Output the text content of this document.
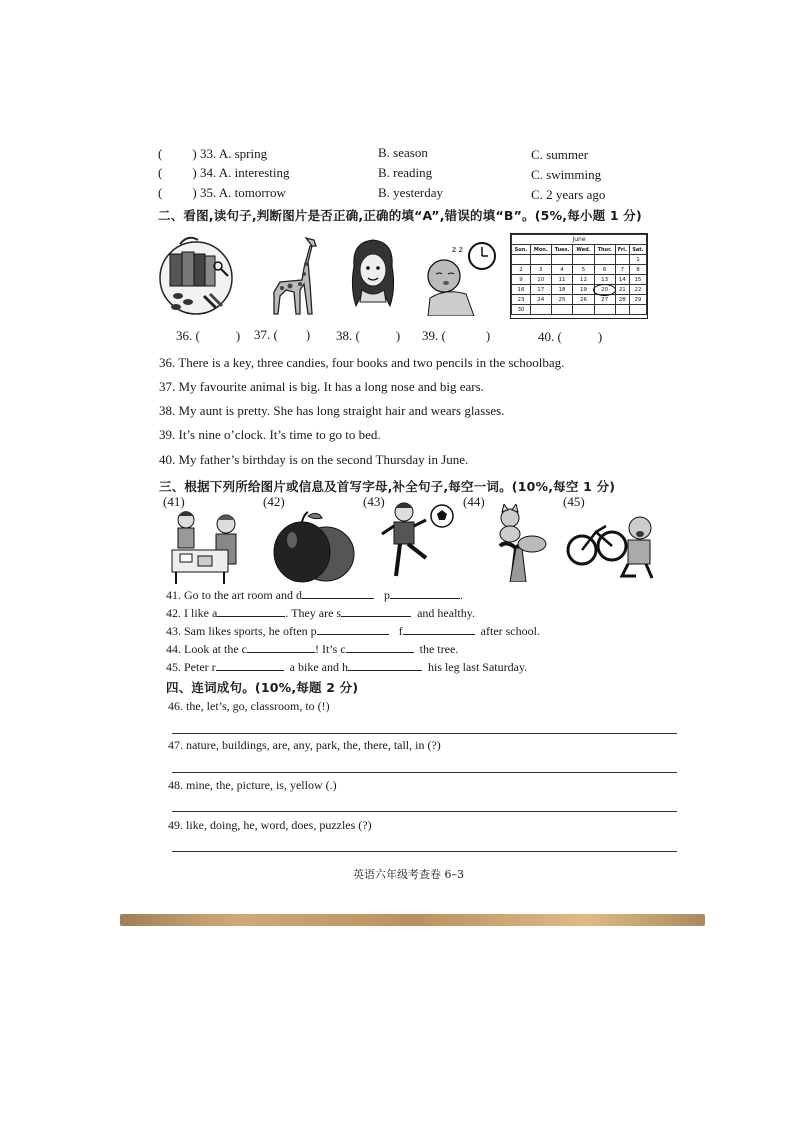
( ) 33. A. spring	B. season	C. summer
( ) 34. A. interesting	B. reading	C. swimming
( ) 35. A. tomorrow	B. yesterday	C. 2 years ago
二、看图,读句子,判断图片是否正确,正确的填“A”,错误的填“B”。(5%,每小题 1 分)
z z
June						
Sun.	Mon.	Tues.	Wed.	Thur.	Fri.	Sat.
						1
2	3	4	5	6	7	8
9	10	11	12	13	14	15
16	17	18	19	20	21	22
23	24	25	26	27	28	29
30						
36. (	) 37. ( ) 38. (	) 39. (	)	40. (	)
36. There is a key, three candies, four books and two pencils in the schoolbag.
37. My favourite animal is big. It has a long nose and big ears.
38. My aunt is pretty. She has long straight hair and wears glasses.
39. It’s nine o’clock. It’s time to go to bed.
40. My father’s birthday is on the second Thursday in June.
三、根据下列所给图片或信息及首写字母,补全句子,每空一词。(10%,每空 1 分)
(41)	(42)	(43)	(44)	(45)
41. Go to the art room and d	p	.
42. I like a	. They are s	and healthy.
43. Sam likes sports, he often p	f	after school.
44. Look at the c	! It’s c	the tree.
45. Peter r	a bike and h	his leg last Saturday.
四、连词成句。(10%,每题 2 分)
46. the, let’s, go, classroom, to (!)
47. nature, buildings, are, any, park, the, there, tall, in (?)
48. mine, the, picture, is, yellow (.)
49. like, doing, he, word, does, puzzles (?)
英语六年级考查卷 6–3
